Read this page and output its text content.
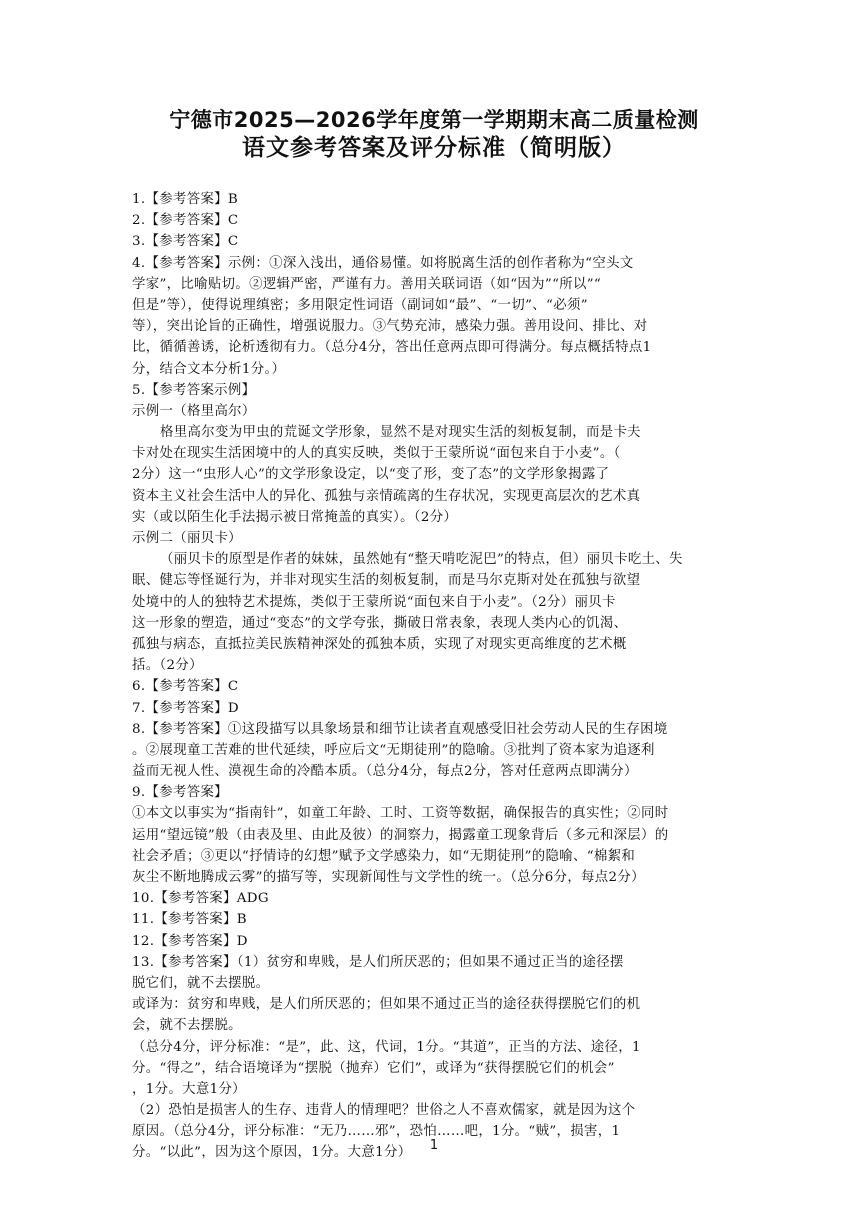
宁德市2025—2026学年度第一学期期末高二质量检测
语文参考答案及评分标准（简明版）
1.【参考答案】B
2.【参考答案】C
3.【参考答案】C
4.【参考答案】示例：①深入浅出，通俗易懂。如将脱离生活的创作者称为“空头文
学家”，比喻贴切。②逻辑严密，严谨有力。善用关联词语（如“因为”“所以”“
但是”等），使得说理缜密；多用限定性词语（副词如“最”、“一切”、“必须”
等），突出论旨的正确性，增强说服力。③气势充沛，感染力强。善用设问、排比、对
比，循循善诱，论析透彻有力。（总分4分，答出任意两点即可得满分。每点概括特点1
分，结合文本分析1分。）
5.【参考答案示例】
示例一（格里高尔）
格里高尔变为甲虫的荒诞文学形象，显然不是对现实生活的刻板复制，而是卡夫
卡对处在现实生活困境中的人的真实反映，类似于王蒙所说“面包来自于小麦”。（
2分）这一“虫形人心”的文学形象设定，以“变了形，变了态”的文学形象揭露了
资本主义社会生活中人的异化、孤独与亲情疏离的生存状况，实现更高层次的艺术真
实（或以陌生化手法揭示被日常掩盖的真实）。（2分）
示例二（丽贝卡）
（丽贝卡的原型是作者的妹妹，虽然她有“整天啃吃泥巴”的特点，但）丽贝卡吃土、失
眠、健忘等怪诞行为，并非对现实生活的刻板复制，而是马尔克斯对处在孤独与欲望
处境中的人的独特艺术提炼，类似于王蒙所说“面包来自于小麦”。（2分）丽贝卡
这一形象的塑造，通过“变态”的文学夸张，撕破日常表象，表现人类内心的饥渴、
孤独与病态，直抵拉美民族精神深处的孤独本质，实现了对现实更高维度的艺术概
括。（2分）
6.【参考答案】C
7.【参考答案】D
8.【参考答案】①这段描写以具象场景和细节让读者直观感受旧社会劳动人民的生存困境
。②展现童工苦难的世代延续，呼应后文“无期徒刑”的隐喻。③批判了资本家为追逐利
益而无视人性、漠视生命的冷酷本质。（总分4分，每点2分，答对任意两点即满分）
9.【参考答案】
①本文以事实为“指南针”，如童工年龄、工时、工资等数据，确保报告的真实性；②同时
运用“望远镜”般（由表及里、由此及彼）的洞察力，揭露童工现象背后（多元和深层）的
社会矛盾；③更以“抒情诗的幻想”赋予文学感染力，如“无期徒刑”的隐喻、“棉絮和
灰尘不断地腾成云雾”的描写等，实现新闻性与文学性的统一。（总分6分，每点2分）
10.【参考答案】ADG
11.【参考答案】B
12.【参考答案】D
13.【参考答案】（1）贫穷和卑贱，是人们所厌恶的；但如果不通过正当的途径摆
脱它们，就不去摆脱。
或译为：贫穷和卑贱，是人们所厌恶的；但如果不通过正当的途径获得摆脱它们的机
会，就不去摆脱。
（总分4分，评分标准：“是”，此、这，代词，1分。“其道”，正当的方法、途径，1
分。“得之”，结合语境译为“摆脱（抛弃）它们”，或译为“获得摆脱它们的机会”
，1分。大意1分）
（2）恐怕是损害人的生存、违背人的情理吧？世俗之人不喜欢儒家，就是因为这个
原因。（总分4分，评分标准：“无乃……邪”，恐怕……吧，1分。“贼”，损害，1
分。“以此”，因为这个原因，1分。大意1分）	1
